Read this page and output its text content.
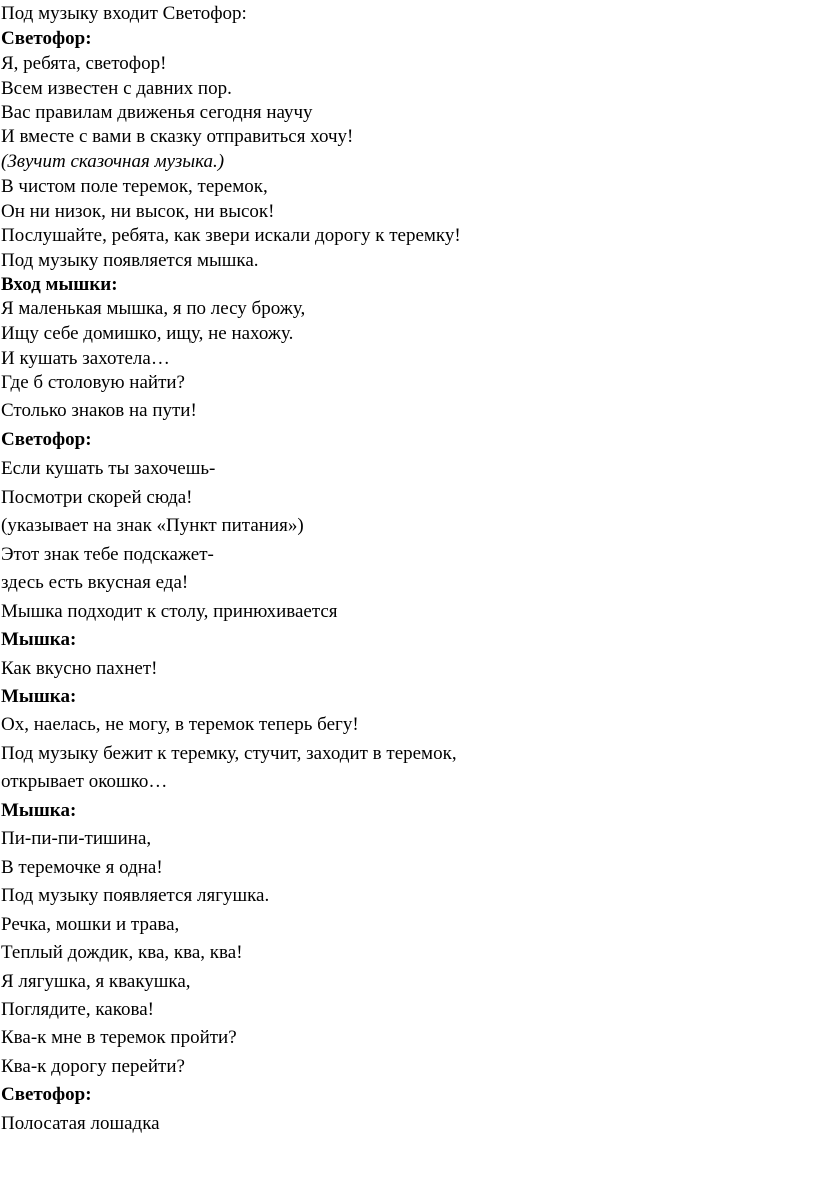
Под музыку входит Светофор:
Светофор:
Я, ребята, светофор!
Всем известен с давних пор.
Вас правилам движенья сегодня научу
И вместе с вами в сказку отправиться хочу!
(Звучит сказочная музыка.)
В чистом поле теремок, теремок,
Он ни низок, ни высок, ни высок!
Послушайте, ребята, как звери искали дорогу к теремку!
Под музыку появляется мышка.
Вход мышки:
Я маленькая мышка, я по лесу брожу,
Ищу себе домишко, ищу, не нахожу.
И кушать захотела…
Где б столовую найти?
Столько знаков на пути!
Светофор:
Если кушать ты захочешь-
Посмотри скорей сюда!
(указывает на знак «Пункт питания»)
Этот знак тебе подскажет-
здесь есть вкусная еда!
Мышка подходит к столу, принюхивается
Мышка:
Как вкусно пахнет!
Мышка:
Ох, наелась, не могу, в теремок теперь бегу!
Под музыку бежит к теремку, стучит, заходит в теремок,
открывает окошко…
Мышка:
Пи-пи-пи-тишина,
В теремочке я одна!
Под музыку появляется лягушка.
Речка, мошки и трава,
Теплый дождик, ква, ква, ква!
Я лягушка, я квакушка,
Поглядите, какова!
Ква-к мне в теремок пройти?
Ква-к дорогу перейти?
Светофор:
Полосатая лошадка
